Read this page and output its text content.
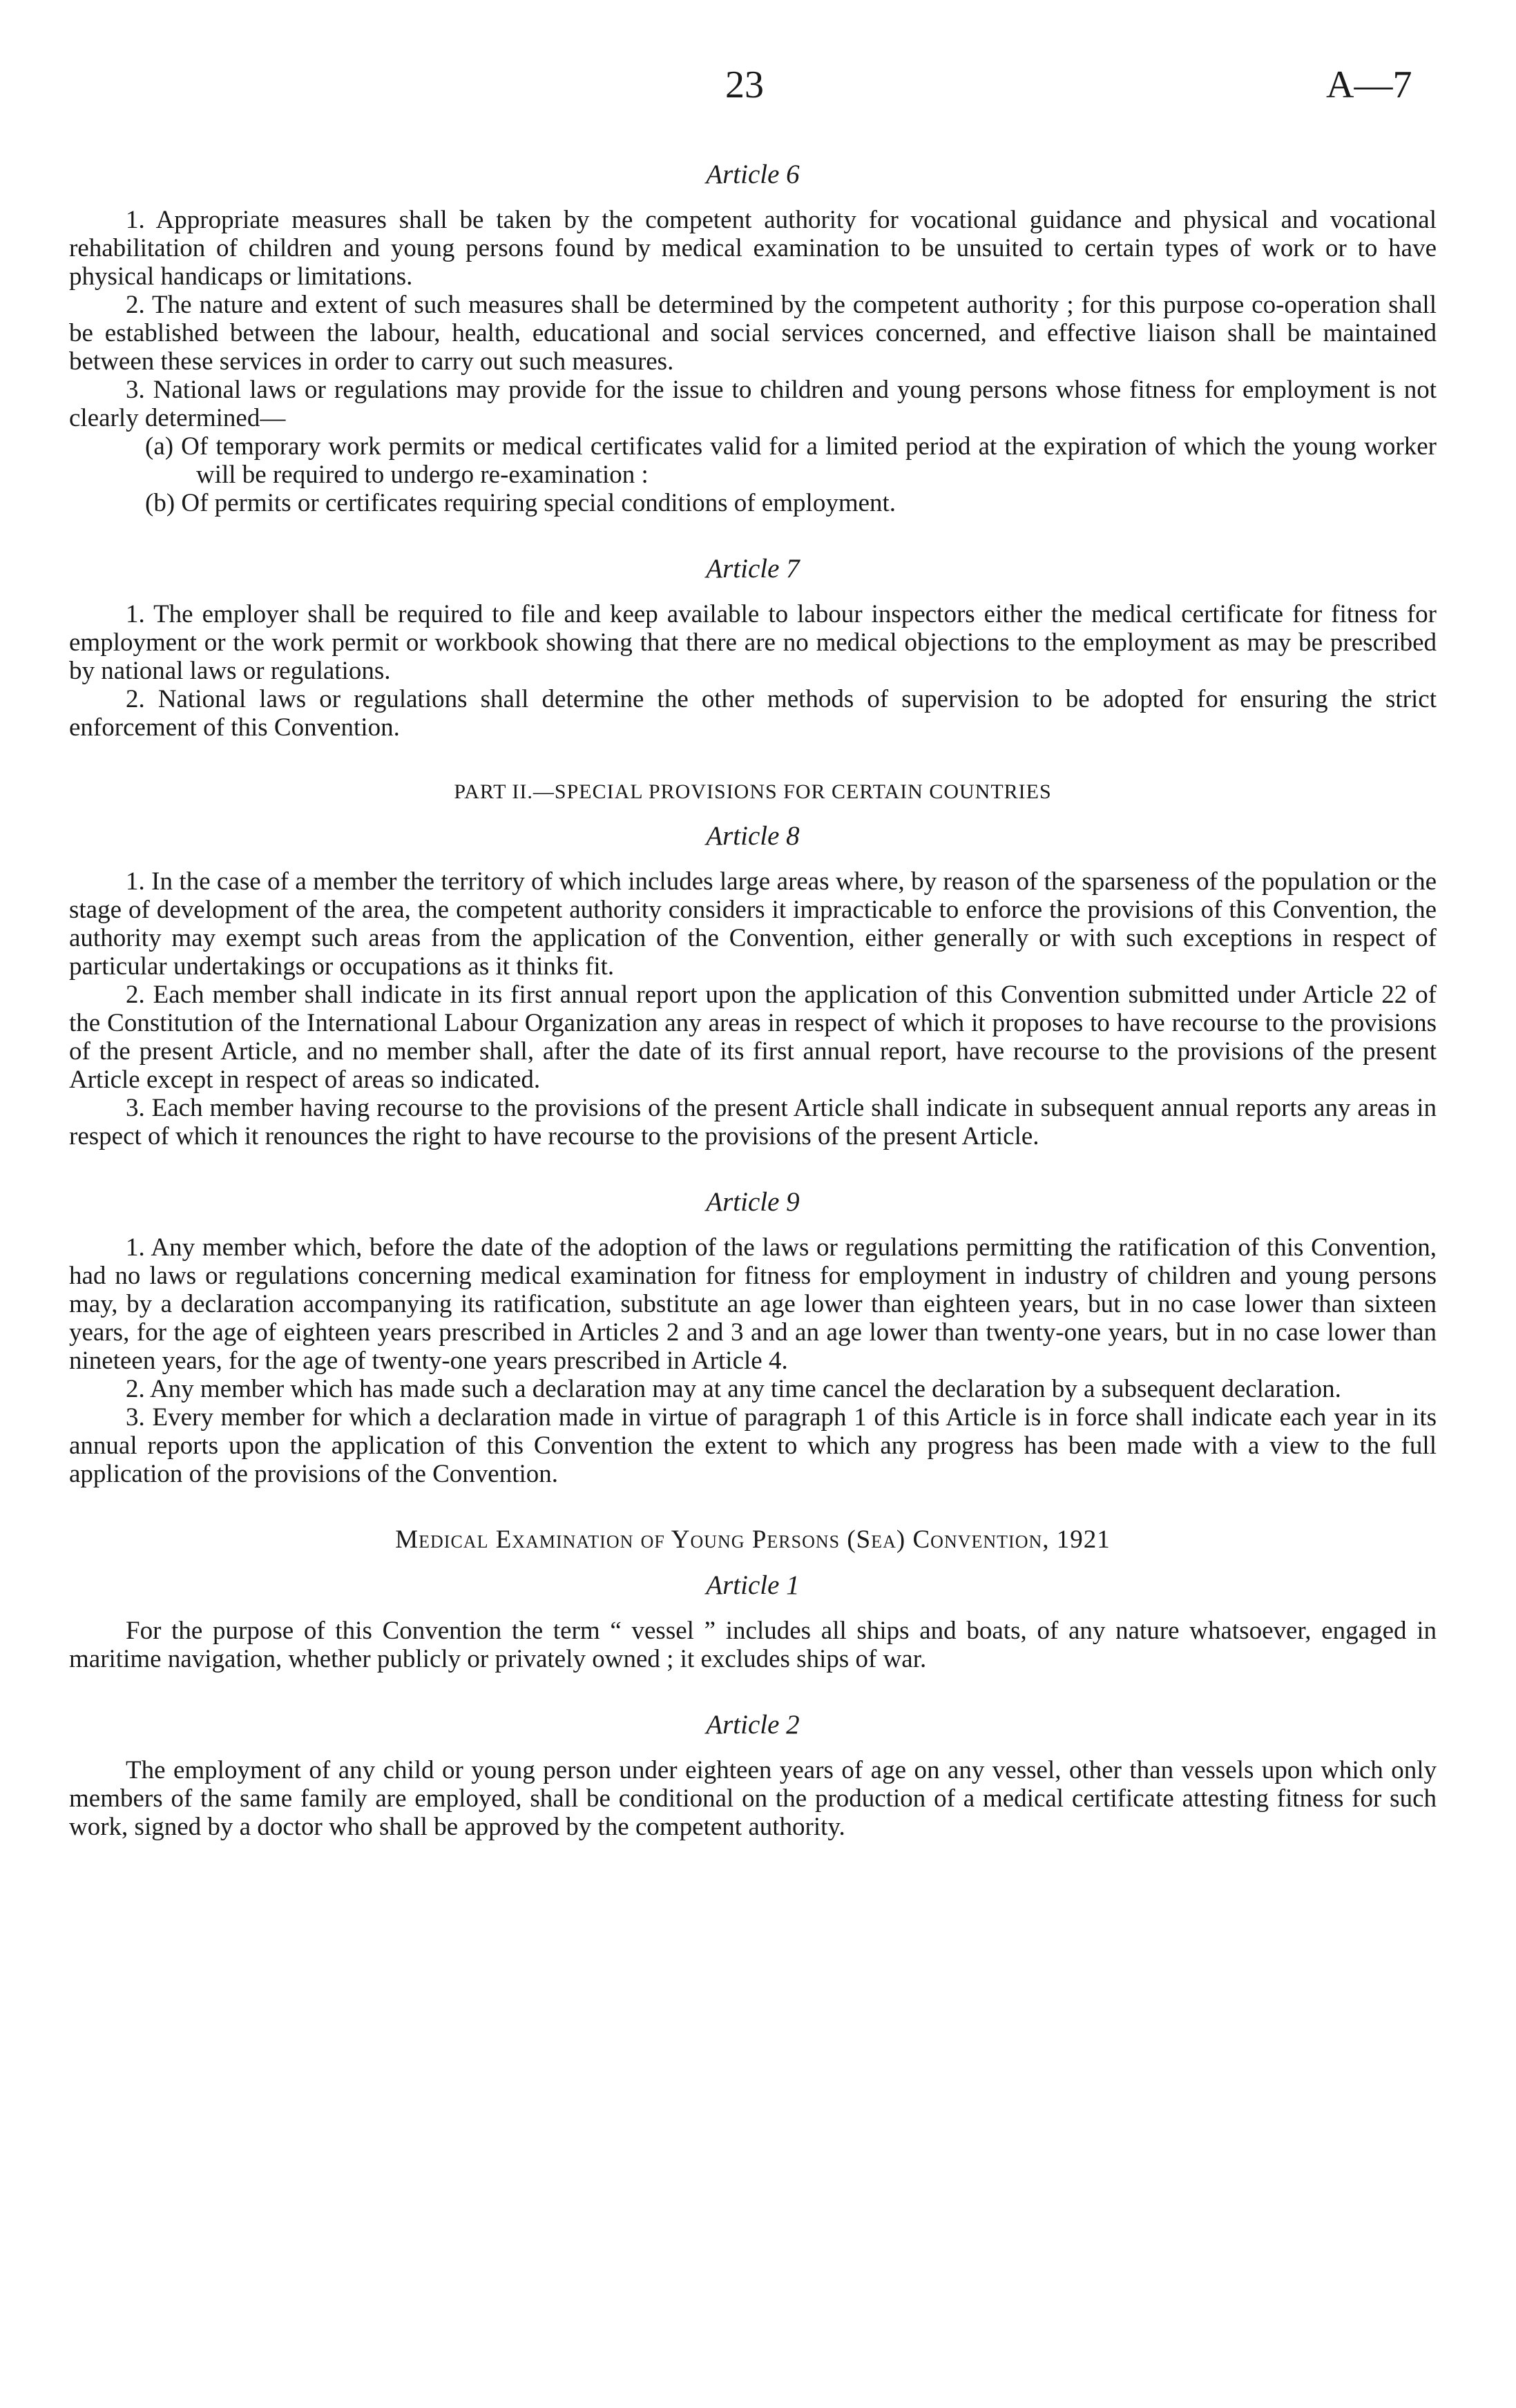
23	A—7
Article 6

1. Appropriate measures shall be taken by the competent authority for vocational guidance and physical and vocational rehabilitation of children and young persons found by medical examination to be unsuited to certain types of work or to have physical handicaps or limitations.

2. The nature and extent of such measures shall be determined by the competent authority ; for this purpose co-operation shall be established between the labour, health, educational and social services concerned, and effective liaison shall be maintained between these services in order to carry out such measures.

3. National laws or regulations may provide for the issue to children and young persons whose fitness for employment is not clearly determined—

(a) Of temporary work permits or medical certificates valid for a limited period at the expiration of which the young worker will be required to undergo re-examination :

(b) Of permits or certificates requiring special conditions of employment.

Article 7

1. The employer shall be required to file and keep available to labour inspectors either the medical certificate for fitness for employment or the work permit or workbook showing that there are no medical objections to the employment as may be prescribed by national laws or regulations.

2. National laws or regulations shall determine the other methods of supervision to be adopted for ensuring the strict enforcement of this Convention.

PART II.—SPECIAL PROVISIONS FOR CERTAIN COUNTRIES
Article 8

1. In the case of a member the territory of which includes large areas where, by reason of the sparseness of the population or the stage of development of the area, the competent authority considers it impracticable to enforce the provisions of this Convention, the authority may exempt such areas from the application of the Convention, either generally or with such exceptions in respect of particular undertakings or occupations as it thinks fit.

2. Each member shall indicate in its first annual report upon the application of this Convention submitted under Article 22 of the Constitution of the International Labour Organization any areas in respect of which it proposes to have recourse to the provisions of the present Article, and no member shall, after the date of its first annual report, have recourse to the provisions of the present Article except in respect of areas so indicated.

3. Each member having recourse to the provisions of the present Article shall indicate in subsequent annual reports any areas in respect of which it renounces the right to have recourse to the provisions of the present Article.

Article 9

1. Any member which, before the date of the adoption of the laws or regulations permitting the ratification of this Convention, had no laws or regulations concerning medical examination for fitness for employment in industry of children and young persons may, by a declaration accompanying its ratification, substitute an age lower than eighteen years, but in no case lower than sixteen years, for the age of eighteen years prescribed in Articles 2 and 3 and an age lower than twenty-one years, but in no case lower than nineteen years, for the age of twenty-one years prescribed in Article 4.

2. Any member which has made such a declaration may at any time cancel the declaration by a subsequent declaration.

3. Every member for which a declaration made in virtue of paragraph 1 of this Article is in force shall indicate each year in its annual reports upon the application of this Convention the extent to which any progress has been made with a view to the full application of the provisions of the Convention.

Medical Examination of Young Persons (Sea) Convention, 1921
Article 1

For the purpose of this Convention the term “ vessel ” includes all ships and boats, of any nature whatsoever, engaged in maritime navigation, whether publicly or privately owned ; it excludes ships of war.

Article 2

The employment of any child or young person under eighteen years of age on any vessel, other than vessels upon which only members of the same family are employed, shall be conditional on the production of a medical certificate attesting fitness for such work, signed by a doctor who shall be approved by the competent authority.
